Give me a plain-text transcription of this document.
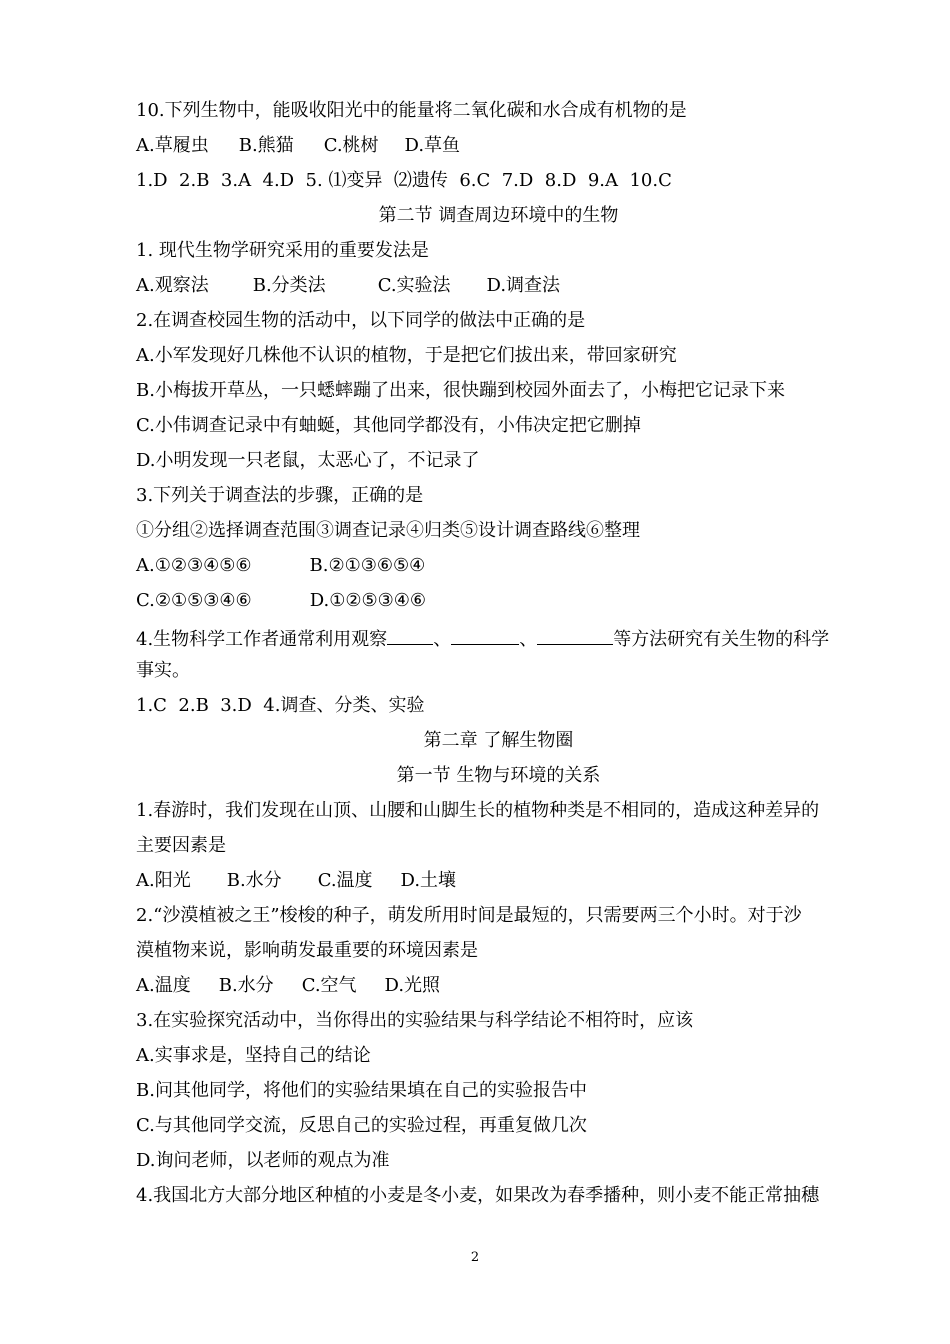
10.下列生物中，能吸收阳光中的能量将二氧化碳和水合成有机物的是
A.草履虫 B.熊猫 C.桃树 D.草鱼
1.D  2.B  3.A  4.D  5. ⑴变异  ⑵遗传  6.C  7.D  8.D  9.A  10.C
第二节 调查周边环境中的生物
1. 现代生物学研究采用的重要发法是
A.观察法 B.分类法	C.实验法 D.调查法
2.在调查校园生物的活动中，以下同学的做法中正确的是
A.小军发现好几株他不认识的植物，于是把它们拔出来，带回家研究
B.小梅拔开草丛，一只蟋蟀蹦了出来，很快蹦到校园外面去了，小梅把它记录下来
C.小伟调查记录中有蚰蜒，其他同学都没有，小伟决定把它删掉
D.小明发现一只老鼠，太恶心了，不记录了
3.下列关于调查法的步骤，正确的是
①分组②选择调查范围③调查记录④归类⑤设计调查路线⑥整理
A.①②③④⑤⑥	B.②①③⑥⑤④
C.②①⑤③④⑥	D.①②⑤③④⑥
4.生物科学工作者通常利用观察	、	、	等方法研究有关生物的科学
事实。
1.C  2.B  3.D  4.调查、分类、实验
第二章 了解生物圈
第一节 生物与环境的关系
1.春游时，我们发现在山顶、山腰和山脚生长的植物种类是不相同的，造成这种差异的
主要因素是
A.阳光 B.水分 C.温度 D.土壤
2.“沙漠植被之王”梭梭的种子，萌发所用时间是最短的，只需要两三个小时。对于沙
漠植物来说，影响萌发最重要的环境因素是
A.温度 B.水分 C.空气 D.光照
3.在实验探究活动中，当你得出的实验结果与科学结论不相符时，应该
A.实事求是，坚持自己的结论
B.问其他同学，将他们的实验结果填在自己的实验报告中
C.与其他同学交流，反思自己的实验过程，再重复做几次
D.询问老师，以老师的观点为准
4.我国北方大部分地区种植的小麦是冬小麦，如果改为春季播种，则小麦不能正常抽穗
2
